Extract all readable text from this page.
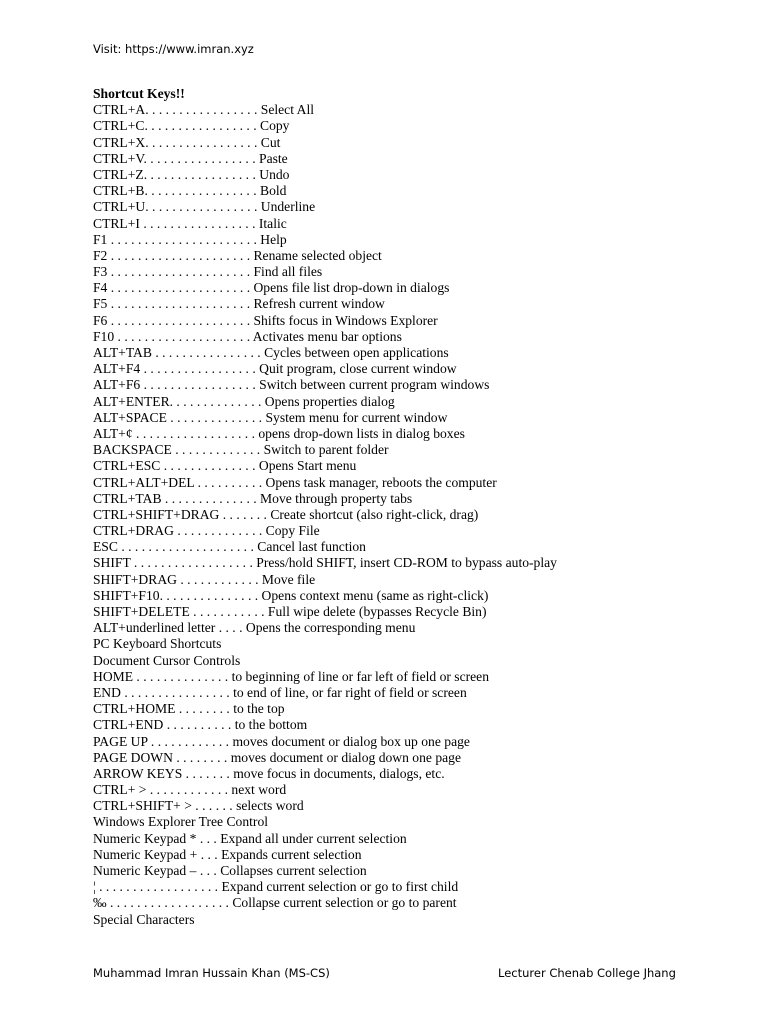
Visit: https://www.imran.xyz
Shortcut Keys!!
CTRL+A. . . . . . . . . . . . . . . . . Select All
CTRL+C. . . . . . . . . . . . . . . . . Copy
CTRL+X. . . . . . . . . . . . . . . . . Cut
CTRL+V. . . . . . . . . . . . . . . . . Paste
CTRL+Z. . . . . . . . . . . . . . . . . Undo
CTRL+B. . . . . . . . . . . . . . . . . Bold
CTRL+U. . . . . . . . . . . . . . . . . Underline
CTRL+I . . . . . . . . . . . . . . . . . Italic
F1 . . . . . . . . . . . . . . . . . . . . . . Help
F2 . . . . . . . . . . . . . . . . . . . . . Rename selected object
F3 . . . . . . . . . . . . . . . . . . . . . Find all files
F4 . . . . . . . . . . . . . . . . . . . . . Opens file list drop-down in dialogs
F5 . . . . . . . . . . . . . . . . . . . . . Refresh current window
F6 . . . . . . . . . . . . . . . . . . . . . Shifts focus in Windows Explorer
F10 . . . . . . . . . . . . . . . . . . . . Activates menu bar options
ALT+TAB . . . . . . . . . . . . . . . . Cycles between open applications
ALT+F4 . . . . . . . . . . . . . . . . . Quit program, close current window
ALT+F6 . . . . . . . . . . . . . . . . . Switch between current program windows
ALT+ENTER. . . . . . . . . . . . . . Opens properties dialog
ALT+SPACE . . . . . . . . . . . . . . System menu for current window
ALT+¢ . . . . . . . . . . . . . . . . . . opens drop-down lists in dialog boxes
BACKSPACE . . . . . . . . . . . . . Switch to parent folder
CTRL+ESC . . . . . . . . . . . . . . Opens Start menu
CTRL+ALT+DEL . . . . . . . . . . Opens task manager, reboots the computer
CTRL+TAB . . . . . . . . . . . . . . Move through property tabs
CTRL+SHIFT+DRAG . . . . . . . Create shortcut (also right-click, drag)
CTRL+DRAG . . . . . . . . . . . . . Copy File
ESC . . . . . . . . . . . . . . . . . . . . Cancel last function
SHIFT . . . . . . . . . . . . . . . . . . Press/hold SHIFT, insert CD-ROM to bypass auto-play
SHIFT+DRAG . . . . . . . . . . . . Move file
SHIFT+F10. . . . . . . . . . . . . . . Opens context menu (same as right-click)
SHIFT+DELETE . . . . . . . . . . . Full wipe delete (bypasses Recycle Bin)
ALT+underlined letter . . . . Opens the corresponding menu
PC Keyboard Shortcuts
Document Cursor Controls
HOME . . . . . . . . . . . . . . to beginning of line or far left of field or screen
END . . . . . . . . . . . . . . . . to end of line, or far right of field or screen
CTRL+HOME . . . . . . . . to the top
CTRL+END . . . . . . . . . . to the bottom
PAGE UP . . . . . . . . . . . . moves document or dialog box up one page
PAGE DOWN . . . . . . . . moves document or dialog down one page
ARROW KEYS . . . . . . . move focus in documents, dialogs, etc.
CTRL+ > . . . . . . . . . . . . next word
CTRL+SHIFT+ > . . . . . . selects word
Windows Explorer Tree Control
Numeric Keypad * . . . Expand all under current selection
Numeric Keypad + . . . Expands current selection
Numeric Keypad – . . . Collapses current selection
¦ . . . . . . . . . . . . . . . . . . Expand current selection or go to first child
‰ . . . . . . . . . . . . . . . . . . Collapse current selection or go to parent
Special Characters
Muhammad Imran Hussain Khan (MS-CS)	Lecturer Chenab College Jhang
